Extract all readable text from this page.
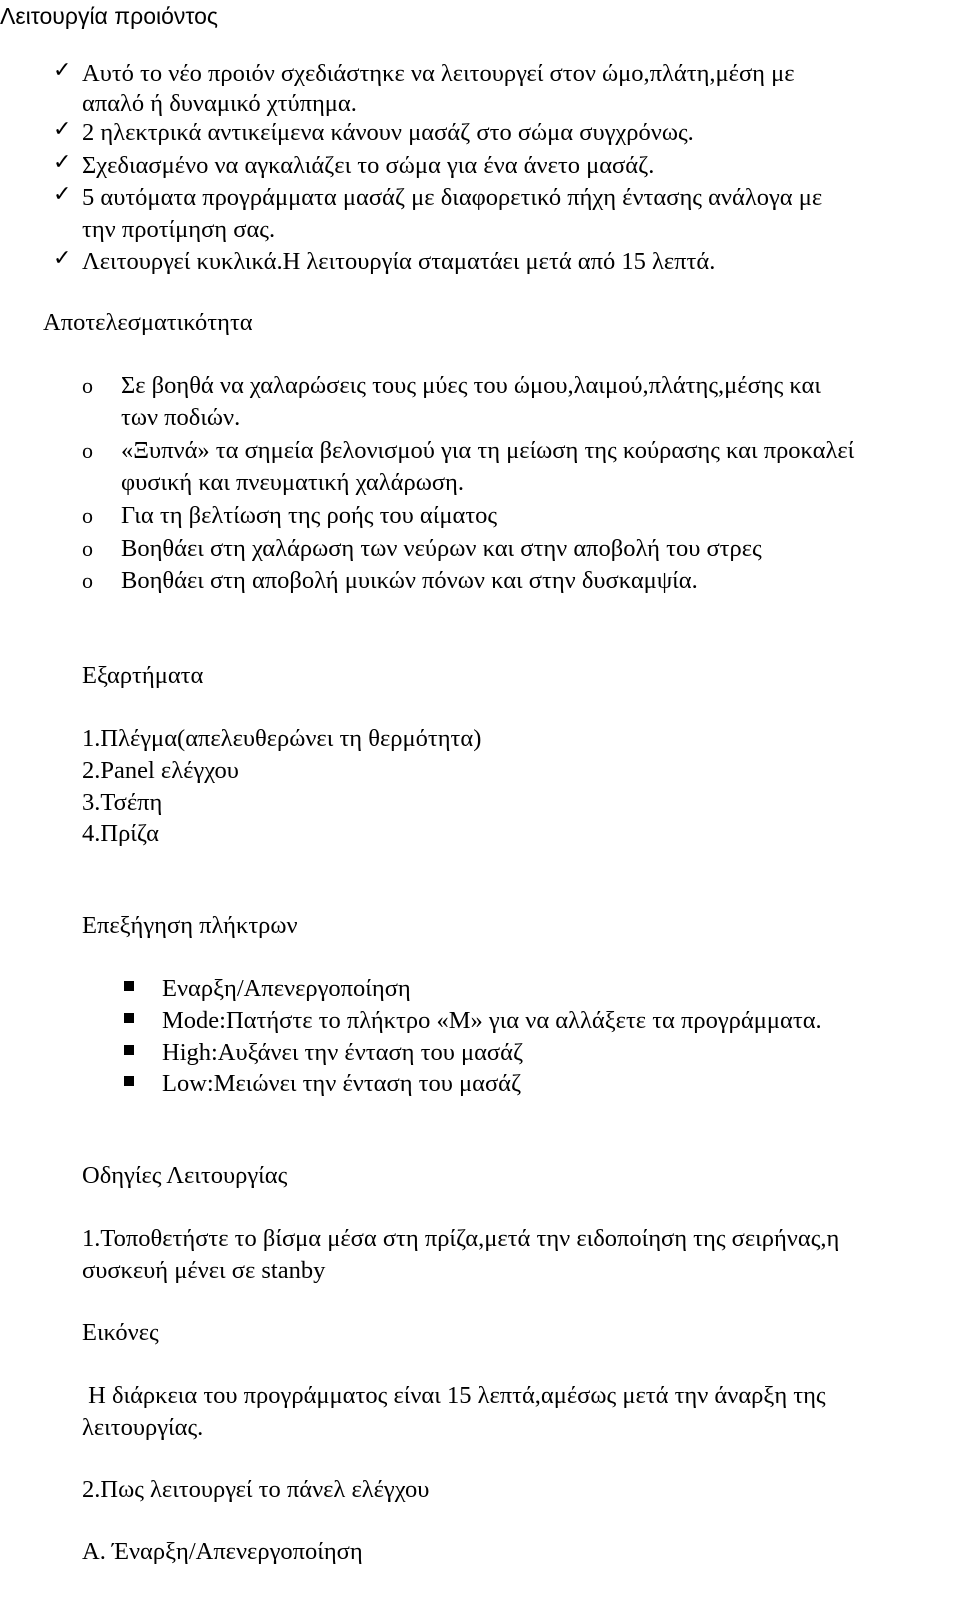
Λειτουργία προιόντος
✓ Αυτό το νέο προιόν σχεδιάστηκε να λειτουργεί στον ώμο,πλάτη,μέση με
απαλό ή δυναμικό χτύπημα.
✓ 2 ηλεκτρικά αντικείμενα κάνουν μασάζ στο σώμα συγχρόνως.
✓ Σχεδιασμένο να αγκαλιάζει το σώμα για ένα άνετο μασάζ.
✓ 5 αυτόματα προγράμματα μασάζ με διαφορετικό πήχη έντασης ανάλογα με
την προτίμηση σας.
✓ Λειτουργεί κυκλικά.Η λειτουργία σταματάει μετά από 15 λεπτά.
Αποτελεσματικότητα
o Σε βοηθά να χαλαρώσεις τους μύες του ώμου,λαιμού,πλάτης,μέσης και
των ποδιών.
o «Ξυπνά» τα σημεία βελονισμού για τη μείωση της κούρασης και προκαλεί
φυσική και πνευματική χαλάρωση.
o Για τη βελτίωση της ροής του αίματος
o Βοηθάει στη χαλάρωση των νεύρων και στην αποβολή του στρες
o Βοηθάει στη αποβολή μυικών πόνων και στην δυσκαμψία.
Εξαρτήματα
1.Πλέγμα(απελευθερώνει τη θερμότητα)
2.Panel ελέγχου
3.Τσέπη
4.Πρίζα
Επεξήγηση πλήκτρων
Εναρξη/Απενεργοποίηση
Mode:Πατήστε το πλήκτρο «Μ» για να αλλάξετε τα προγράμματα.
High:Αυξάνει την ένταση του μασάζ
Low:Μειώνει την ένταση του μασάζ
Οδηγίες Λειτουργίας
1.Τοποθετήστε το βίσμα μέσα στη πρίζα,μετά την ειδοποίηση της σειρήνας,η
συσκευή μένει σε stanby
Εικόνες
Η διάρκεια του προγράμματος είναι 15 λεπτά,αμέσως μετά την άναρξη της
λειτουργίας.
2.Πως λειτουργεί το πάνελ ελέγχου
Α. Έναρξη/Απενεργοποίηση
